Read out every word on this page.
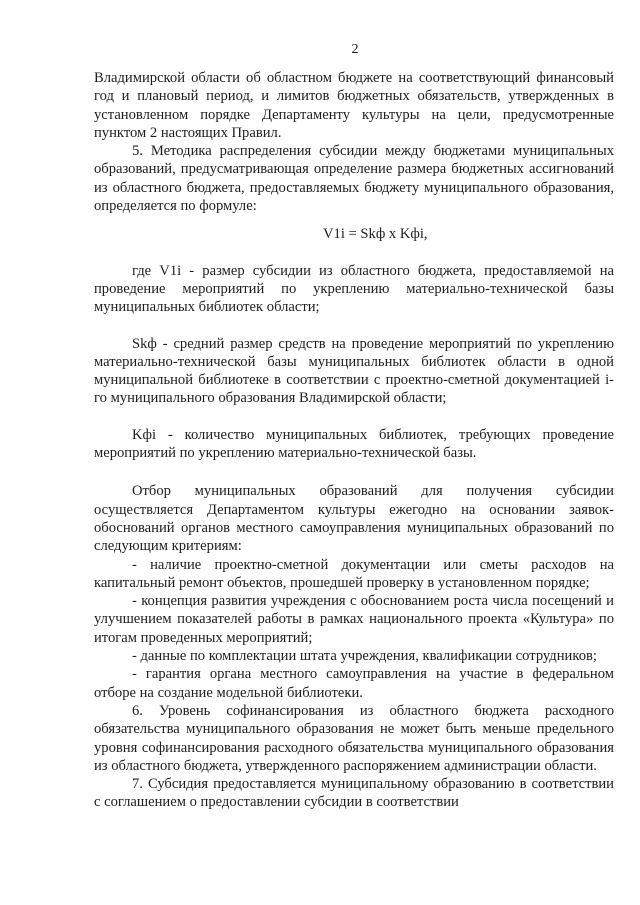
2

Владимирской области об областном бюджете на соответствующий финансовый год и плановый период, и лимитов бюджетных обязательств, утвержденных в установленном порядке Департаменту культуры на цели, предусмотренные пунктом 2 настоящих Правил.

5. Методика распределения субсидии между бюджетами муниципальных образований, предусматривающая определение размера бюджетных ассигнований из областного бюджета, предоставляемых бюджету муниципального образования, определяется по формуле:

V1i = Skф х Kфi,

где V1i - размер субсидии из областного бюджета, предоставляемой на проведение мероприятий по укреплению материально-технической базы муниципальных библиотек области;

Skф - средний размер средств на проведение мероприятий по укреплению материально-технической базы муниципальных библиотек области в одной муниципальной библиотеке в соответствии с проектно-сметной документацией i-го муниципального образования Владимирской области;

Kфi - количество муниципальных библиотек, требующих проведение мероприятий по укреплению материально-технической базы.

Отбор муниципальных образований для получения субсидии осуществляется Департаментом культуры ежегодно на основании заявок-обоснований органов местного самоуправления муниципальных образований по следующим критериям:

- наличие проектно-сметной документации или сметы расходов на капитальный ремонт объектов, прошедшей проверку в установленном порядке;

- концепция развития учреждения с обоснованием роста числа посещений и улучшением показателей работы в рамках национального проекта «Культура» по итогам проведенных мероприятий;

- данные по комплектации штата учреждения, квалификации сотрудников;

- гарантия органа местного самоуправления на участие в федеральном отборе на создание модельной библиотеки.

6. Уровень софинансирования из областного бюджета расходного обязательства муниципального образования не может быть меньше предельного уровня софинансирования расходного обязательства муниципального образования из областного бюджета, утвержденного распоряжением администрации области.

7. Субсидия предоставляется муниципальному образованию в соответствии с соглашением о предоставлении субсидии в соответствии
